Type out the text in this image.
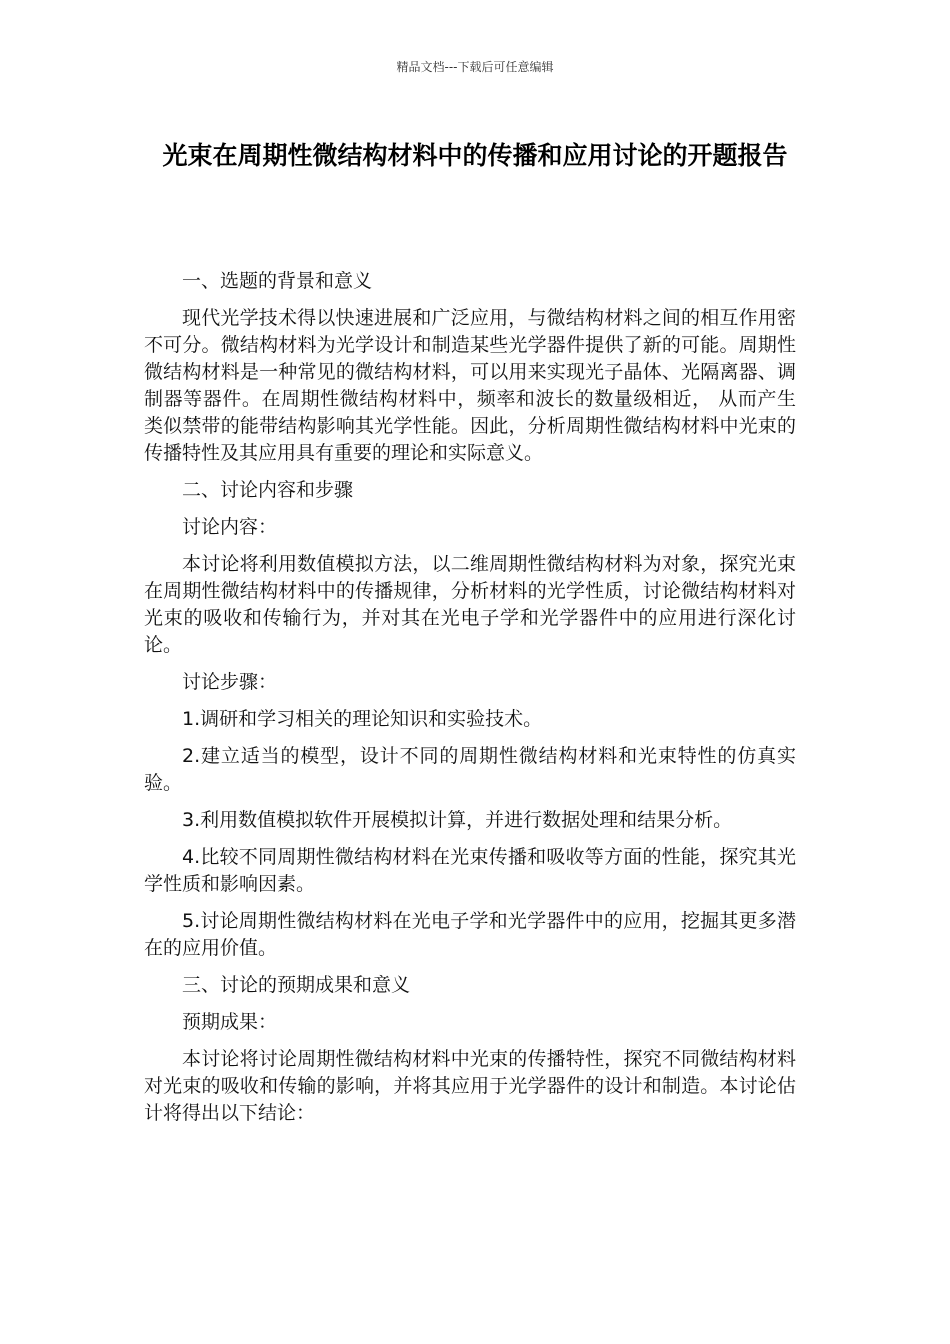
精品文档---下载后可任意编辑
光束在周期性微结构材料中的传播和应用讨论的开题报告

一、选题的背景和意义

现代光学技术得以快速进展和广泛应用，与微结构材料之间的相互作用密不可分。微结构材料为光学设计和制造某些光学器件提供了新的可能。周期性微结构材料是一种常见的微结构材料，可以用来实现光子晶体、光隔离器、调制器等器件。在周期性微结构材料中，频率和波长的数量级相近， 从而产生类似禁带的能带结构影响其光学性能。因此，分析周期性微结构材料中光束的传播特性及其应用具有重要的理论和实际意义。

二、讨论内容和步骤

讨论内容：

本讨论将利用数值模拟方法，以二维周期性微结构材料为对象，探究光束在周期性微结构材料中的传播规律，分析材料的光学性质，讨论微结构材料对光束的吸收和传输行为，并对其在光电子学和光学器件中的应用进行深化讨论。

讨论步骤：

1.调研和学习相关的理论知识和实验技术。

2.建立适当的模型，设计不同的周期性微结构材料和光束特性的仿真实验。

3.利用数值模拟软件开展模拟计算，并进行数据处理和结果分析。

4.比较不同周期性微结构材料在光束传播和吸收等方面的性能，探究其光学性质和影响因素。

5.讨论周期性微结构材料在光电子学和光学器件中的应用，挖掘其更多潜在的应用价值。

三、讨论的预期成果和意义

预期成果：

本讨论将讨论周期性微结构材料中光束的传播特性，探究不同微结构材料对光束的吸收和传输的影响，并将其应用于光学器件的设计和制造。本讨论估计将得出以下结论：
